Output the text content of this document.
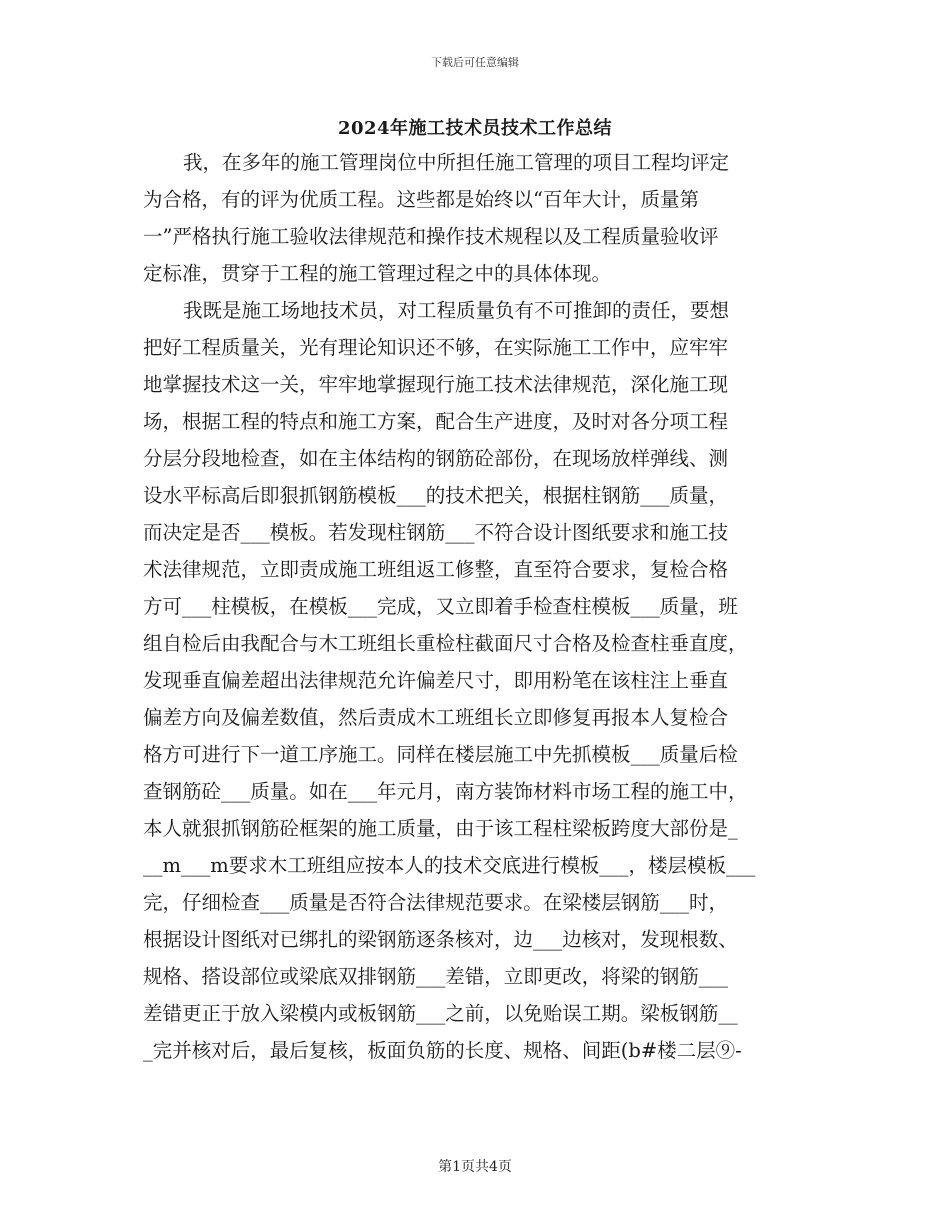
下载后可任意编辑
2024年施工技术员技术工作总结
我，在多年的施工管理岗位中所担任施工管理的项目工程均评定
为合格，有的评为优质工程。这些都是始终以“百年大计，质量第
一”严格执行施工验收法律规范和操作技术规程以及工程质量验收评
定标准，贯穿于工程的施工管理过程之中的具体体现。
我既是施工场地技术员，对工程质量负有不可推卸的责任，要想
把好工程质量关，光有理论知识还不够，在实际施工工作中，应牢牢
地掌握技术这一关，牢牢地掌握现行施工技术法律规范，深化施工现
场，根据工程的特点和施工方案，配合生产进度，及时对各分项工程
分层分段地检查，如在主体结构的钢筋砼部份，在现场放样弹线、测
设水平标高后即狠抓钢筋模板___的技术把关，根据柱钢筋___质量，
而决定是否___模板。若发现柱钢筋___不符合设计图纸要求和施工技
术法律规范，立即责成施工班组返工修整，直至符合要求，复检合格
方可___柱模板，在模板___完成，又立即着手检查柱模板___质量，班
组自检后由我配合与木工班组长重检柱截面尺寸合格及检查柱垂直度，
发现垂直偏差超出法律规范允许偏差尺寸，即用粉笔在该柱注上垂直
偏差方向及偏差数值，然后责成木工班组长立即修复再报本人复检合
格方可进行下一道工序施工。同样在楼层施工中先抓模板___质量后检
查钢筋砼___质量。如在___年元月，南方装饰材料市场工程的施工中，
本人就狠抓钢筋砼框架的施工质量，由于该工程柱梁板跨度大部份是_
__m___m要求木工班组应按本人的技术交底进行模板___，楼层模板___
完，仔细检查___质量是否符合法律规范要求。在梁楼层钢筋___时，
根据设计图纸对已绑扎的梁钢筋逐条核对，边___边核对，发现根数、
规格、搭设部位或梁底双排钢筋___差错，立即更改，将梁的钢筋___
差错更正于放入梁模内或板钢筋___之前，以免贻误工期。梁板钢筋__
_完并核对后，最后复核，板面负筋的长度、规格、间距(b#楼二层⑨-
第1页共4页
